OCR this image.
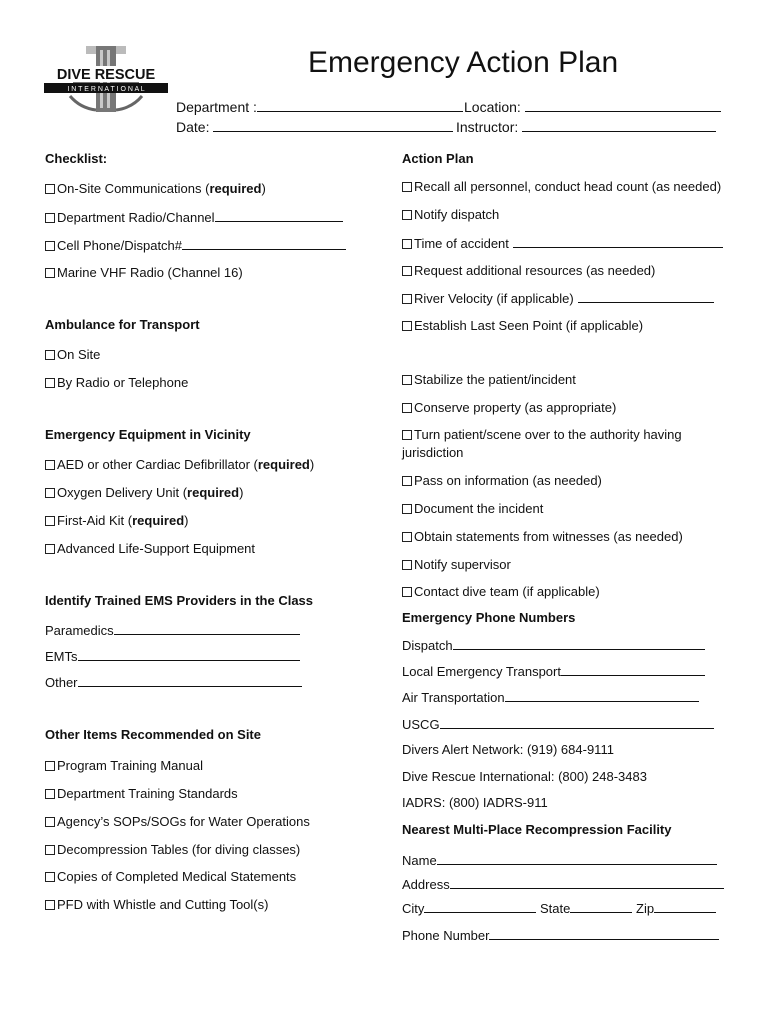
DIVE RESCUE
I N T E R N A T I O N A L
Emergency Action Plan
Department :	Location:
Date:	Instructor:
Checklist:
On-Site Communications (required)
Department Radio/Channel
Cell Phone/Dispatch#
Marine VHF Radio (Channel 16)
Ambulance for Transport
On Site
By Radio or Telephone
Emergency Equipment in Vicinity
AED or other Cardiac Defibrillator (required)
Oxygen Delivery Unit (required)
First-Aid Kit (required)
Advanced Life-Support Equipment
Identify Trained EMS Providers in the Class
Paramedics
EMTs
Other
Other Items Recommended on Site
Program Training Manual
Department Training Standards
Agency’s SOPs/SOGs for Water Operations
Decompression Tables (for diving classes)
Copies of Completed Medical Statements
PFD with Whistle and Cutting Tool(s)
Action Plan
Recall all personnel, conduct head count (as needed)
Notify dispatch
Time of accident
Request additional resources (as needed)
River Velocity (if applicable)
Establish Last Seen Point (if applicable)
Stabilize the patient/incident
Conserve property (as appropriate)
Turn patient/scene over to the authority having jurisdiction
Pass on information (as needed)
Document the incident
Obtain statements from witnesses (as needed)
Notify supervisor
Contact dive team (if applicable)
Emergency Phone Numbers
Dispatch
Local Emergency Transport
Air Transportation
USCG
Divers Alert Network: (919) 684-9111
Dive Rescue International: (800) 248-3483
IADRS: (800) IADRS-911
Nearest Multi-Place Recompression Facility
Name
Address
City	State	Zip
Phone Number
